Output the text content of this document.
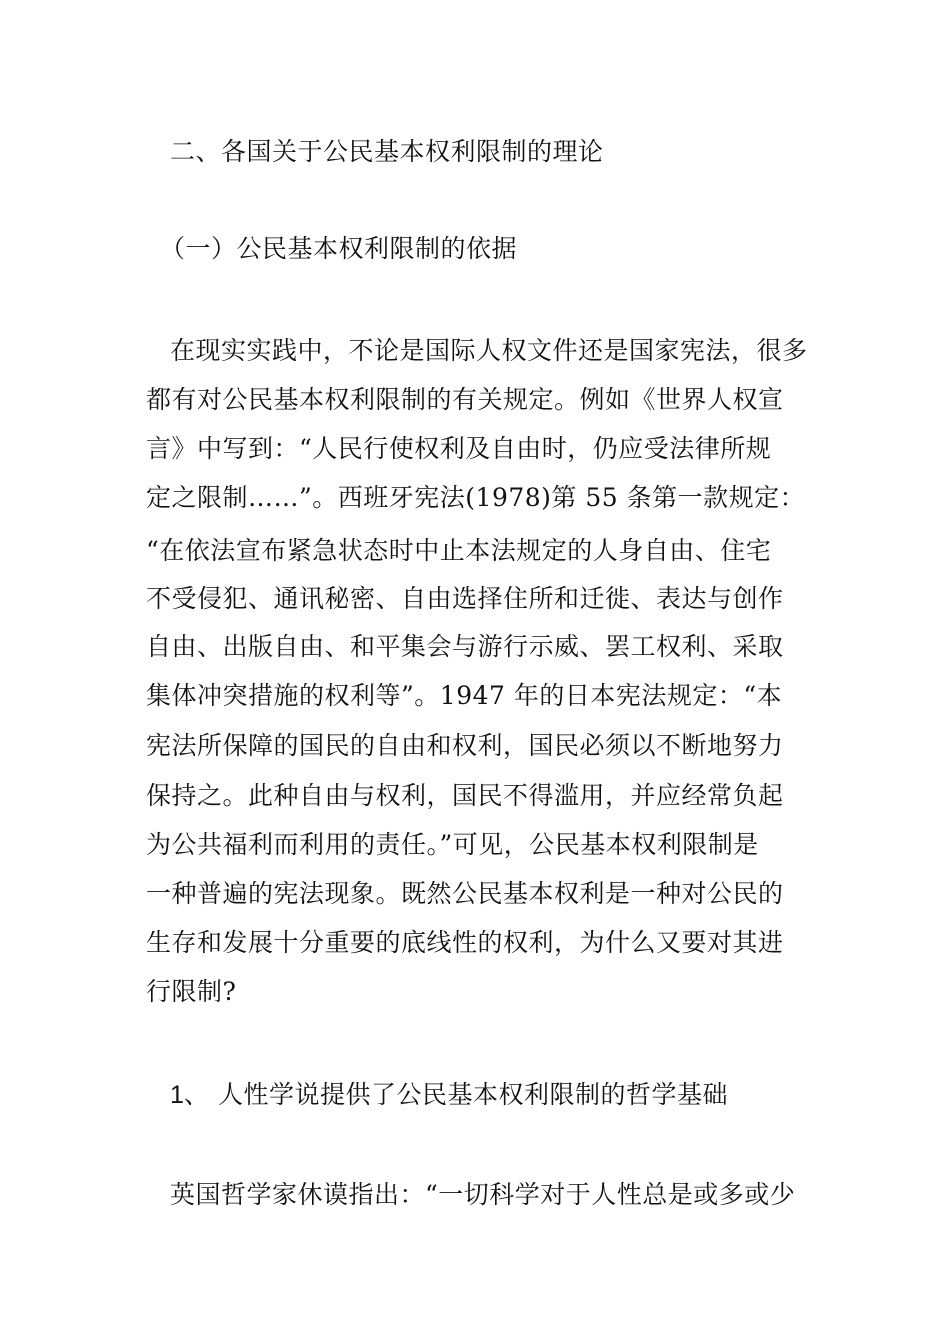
二、各国关于公民基本权利限制的理论
（一）公民基本权利限制的依据
在现实实践中，不论是国际人权文件还是国家宪法，很多
都有对公民基本权利限制的有关规定。例如《世界人权宣
言》中写到：“人民行使权利及自由时，仍应受法律所规
定之限制……”。西班牙宪法(1978)第 55 条第一款规定：
“在依法宣布紧急状态时中止本法规定的人身自由、住宅
不受侵犯、通讯秘密、自由选择住所和迁徙、表达与创作
自由、出版自由、和平集会与游行示威、罢工权利、采取
集体冲突措施的权利等”。1947 年的日本宪法规定：“本
宪法所保障的国民的自由和权利，国民必须以不断地努力
保持之。此种自由与权利，国民不得滥用，并应经常负起
为公共福利而利用的责任。”可见，公民基本权利限制是
一种普遍的宪法现象。既然公民基本权利是一种对公民的
生存和发展十分重要的底线性的权利，为什么又要对其进
行限制?
1、 人性学说提供了公民基本权利限制的哲学基础
英国哲学家休谟指出：“一切科学对于人性总是或多或少
